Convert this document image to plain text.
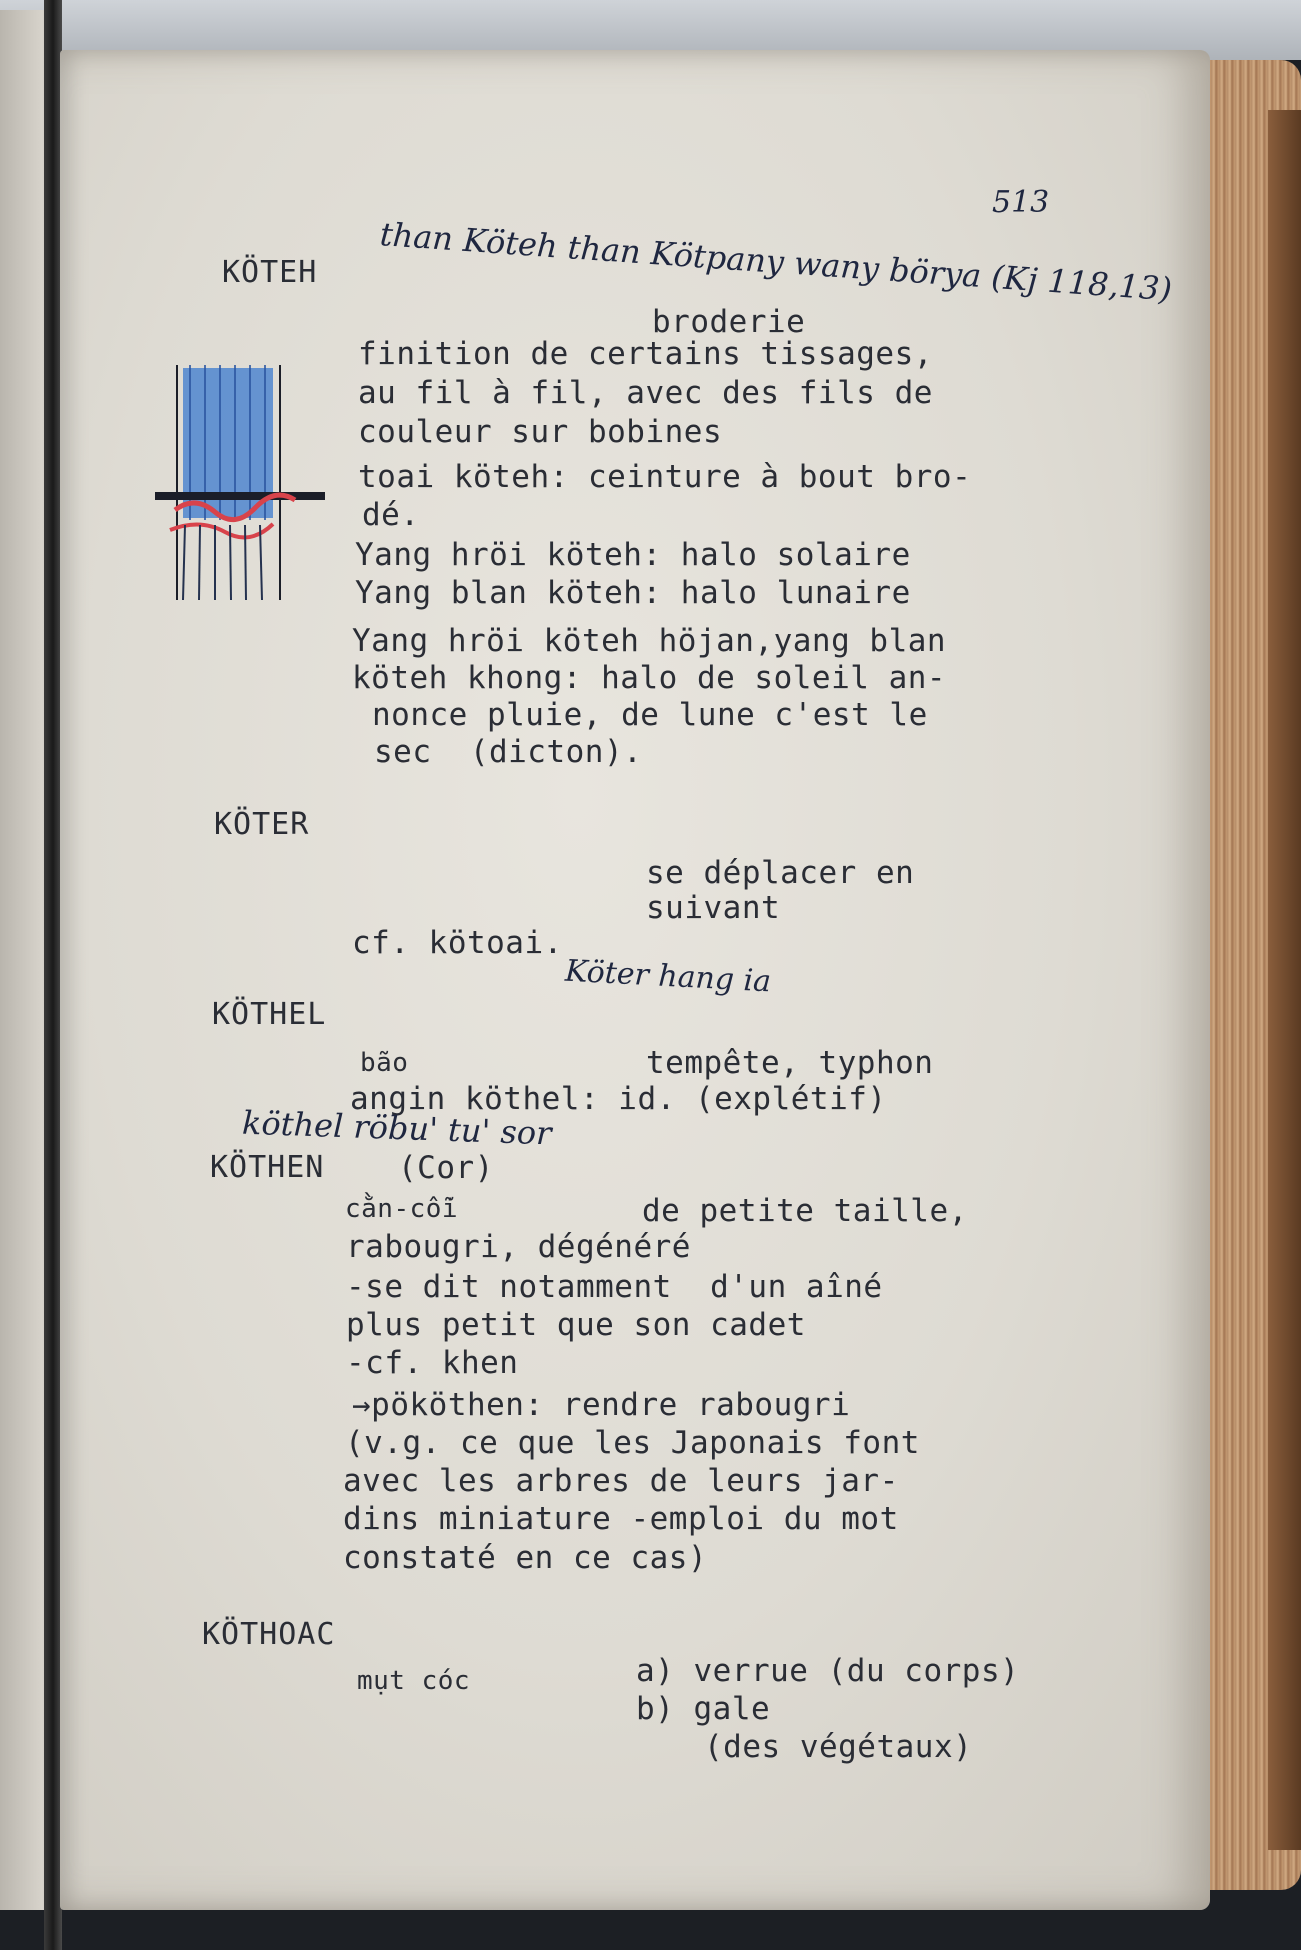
513
than Kö̈teh than Kötpany wany börya (Kj 118,13)
KÖTEH
broderie
finition de certains tissages,
au fil à fil, avec des fils de
couleur sur bobines
toai köteh: ceinture à bout bro-
dé.
Yang hröi köteh: halo solaire
Yang blan köteh: halo lunaire
Yang hröi köteh höjan,yang blan
köteh khong: halo de soleil an-
nonce pluie, de lune c'est le
sec  (dicton).
KÖTER
se déplacer en
suivant
cf. kötoai.
Köter hang ia
KÖTHEL
bão	tempête, typhon
angin köthel: id. (explétif)
köthel röbu' tu' sor
KÖTHEN (Cor)
cằn-cỗi	de petite taille,
rabougri, dégénéré
-se dit notamment  d'un aîné
plus petit que son cadet
-cf. khen
→pököthen: rendre rabougri
(v.g. ce que les Japonais font
avec les arbres de leurs jar-
dins miniature -emploi du mot
constaté en ce cas)
KÖTHOAC
mụt cóc	a) verrue (du corps)
b) gale
(des végétaux)
